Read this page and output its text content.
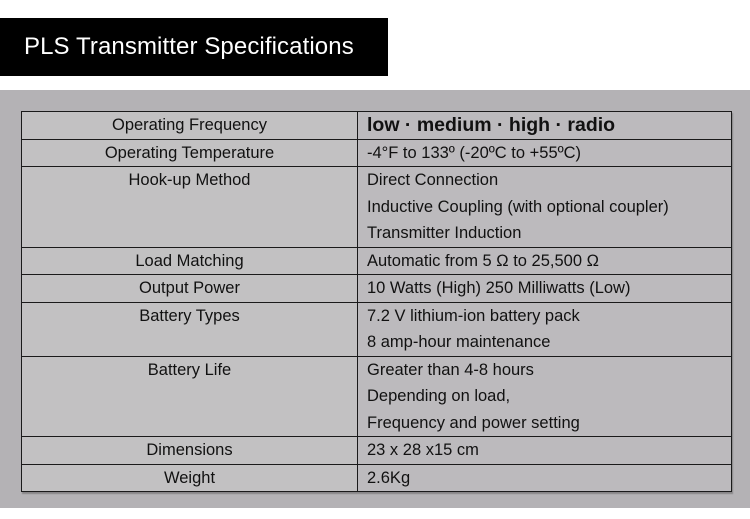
PLS Transmitter Specifications
Operating Frequency	low · medium · high · radio

Operating Temperature	-4°F to 133º (-20ºC to +55ºC)

Hook-up Method	Direct Connection
Inductive Coupling (with optional coupler)
Transmitter Induction

Load Matching	Automatic from 5 Ω to 25,500 Ω

Output Power	10 Watts (High) 250 Milliwatts (Low)

Battery Types	7.2 V lithium-ion battery pack
8 amp-hour maintenance

Battery Life	Greater than 4-8 hours
Depending on load,
Frequency and power setting

Dimensions	23 x 28 x15 cm

Weight	2.6Kg
